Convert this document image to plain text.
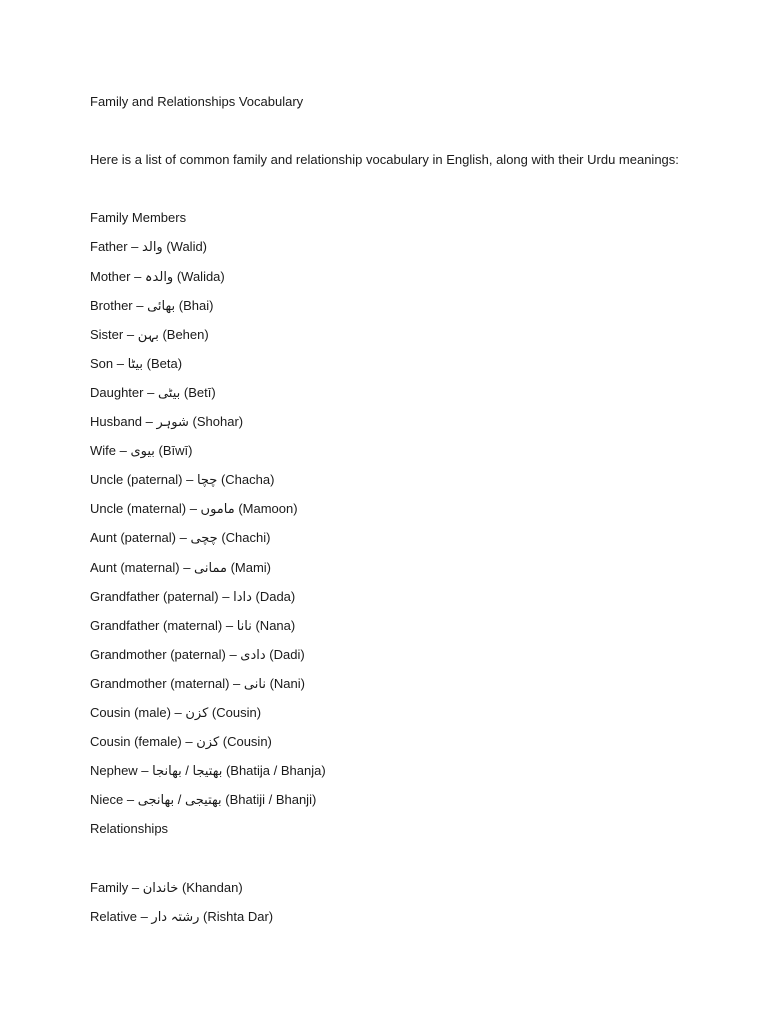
Family and Relationships Vocabulary
Here is a list of common family and relationship vocabulary in English, along with their Urdu meanings:
Family Members
Father – والد (Walid)
Mother – والدہ (Walida)
Brother – بھائی (Bhai)
Sister – بہن (Behen)
Son – بیٹا (Beta)
Daughter – بیٹی (Betī)
Husband – شوہر (Shohar)
Wife – بیوی (Bīwī)
Uncle (paternal) – چچا (Chacha)
Uncle (maternal) – ماموں (Mamoon)
Aunt (paternal) – چچی (Chachi)
Aunt (maternal) – ممانی (Mami)
Grandfather (paternal) – دادا (Dada)
Grandfather (maternal) – نانا (Nana)
Grandmother (paternal) – دادی (Dadi)
Grandmother (maternal) – نانی (Nani)
Cousin (male) – کزن (Cousin)
Cousin (female) – کزن (Cousin)
Nephew – بھتیجا / بھانجا (Bhatija / Bhanja)
Niece – بھتیجی / بھانجی (Bhatiji / Bhanji)
Relationships
Family – خاندان (Khandan)
Relative – رشتہ دار (Rishta Dar)
